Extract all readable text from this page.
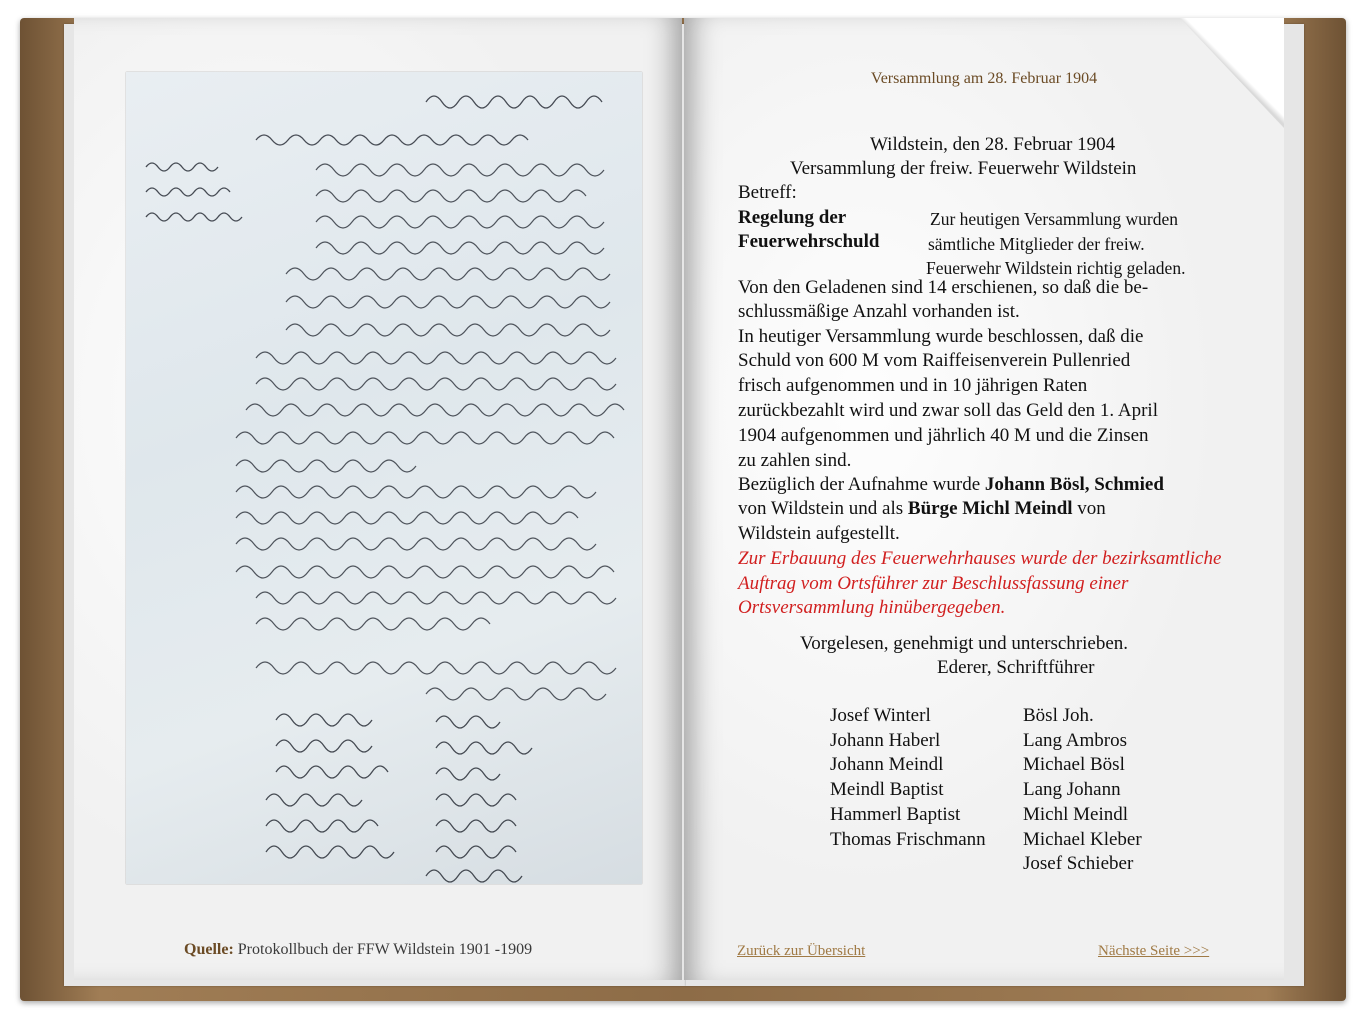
Quelle: Protokollbuch der FFW Wildstein 1901 -1909
Versammlung am 28. Februar 1904
Wildstein, den 28. Februar 1904
Versammlung der freiw. Feuerwehr Wildstein
Betreff:
Regelung der
Feuerwehrschuld
Zur heutigen Versammlung wurden
sämtliche Mitglieder der freiw.
Feuerwehr Wildstein richtig geladen.
Von den Geladenen sind 14 erschienen, so daß die be-
schlussmäßige Anzahl vorhanden ist.
In heutiger Versammlung wurde beschlossen, daß die
Schuld von 600 M vom Raiffeisenverein Pullenried
frisch aufgenommen und in 10 jährigen Raten
zurückbezahlt wird und zwar soll das Geld den 1. April
1904 aufgenommen und jährlich 40 M und die Zinsen
zu zahlen sind.
Bezüglich der Aufnahme wurde Johann Bösl, Schmied
von Wildstein und als Bürge Michl Meindl von
Wildstein aufgestellt.
Zur Erbauung des Feuerwehrhauses wurde der bezirksamtliche
Auftrag vom Ortsführer zur Beschlussfassung einer
Ortsversammlung hinübergegeben.
Vorgelesen, genehmigt und unterschrieben.
Ederer, Schriftführer
Josef Winterl
Johann Haberl
Johann Meindl
Meindl Baptist
Hammerl Baptist
Thomas Frischmann
Bösl Joh.
Lang Ambros
Michael Bösl
Lang Johann
Michl Meindl
Michael Kleber
Josef Schieber
Zurück zur Übersicht	Nächste Seite >>>
